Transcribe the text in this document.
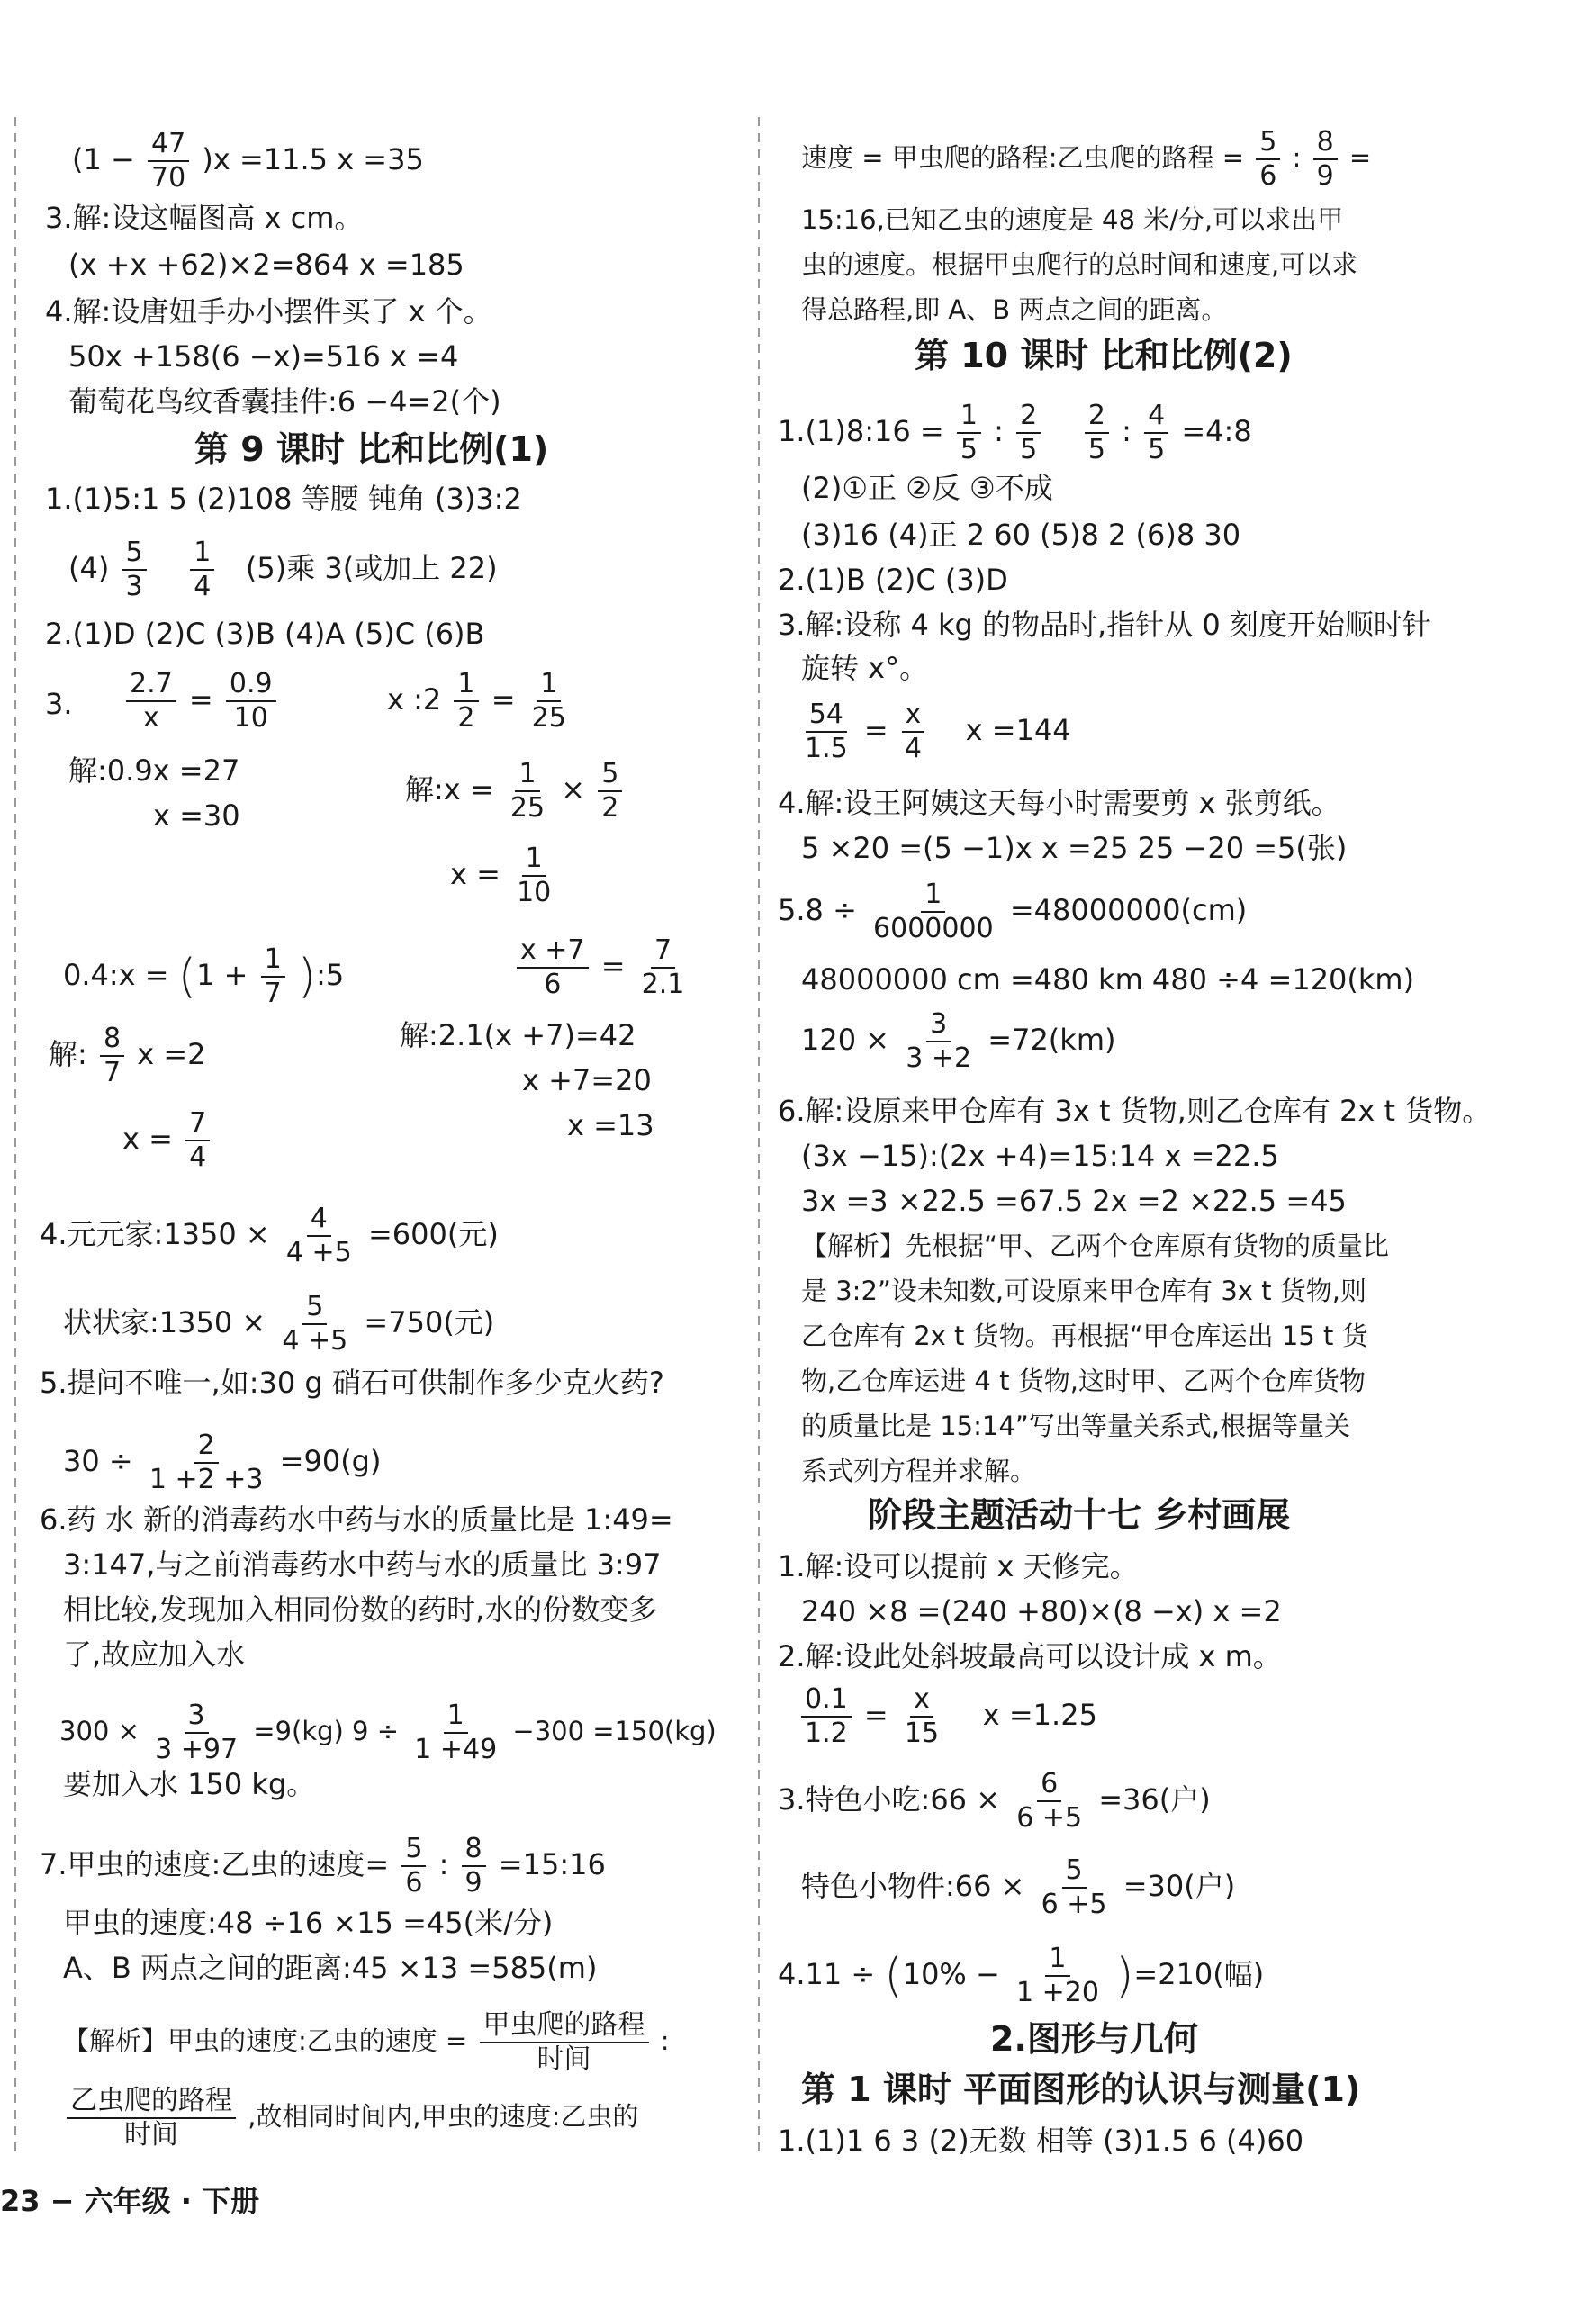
$(1 - \frac{47}{70} )x =11.5$ x =35
3.解:设这幅图高 x cm。
(x +x +62)×2=864 x =185
4.解:设唐妞手办小摆件买了 x 个。
50x +158(6 −x)=516 x =4
葡萄花鸟纹香囊挂件:6 −4=2(个)
第 9 课时 比和比例(1)
1.(1)5:1 5 (2)108 等腰 钝角 (3)3:2
$(4) \frac{5}{3}$
$\frac{1}{4} (5)$乘 3(或加上 22)
2.(1)D (2)C (3)B (4)A (5)C (6)B
3. $\frac{2.7}{x} = \frac{0.9}{10}$
解:0.9x =27
x =30
x :2 $\frac{1}{2} = \frac{1}{25}$
解:x = $\frac{1}{25} \times \frac{5}{2}$
$x = \frac{1}{10}$
0.4:x = ($1 + \frac{1}{7}$ ):5
解: $\frac{8}{7}$ x =2
$x = \frac{7}{4}$
$\frac{x +7}{6} = \frac{7}{2.1}$
解:2.1(x +7)=42
x +7=20
x =13
4.元元家:1350 × $\frac{4}{4 +5} =600$(元)
状状家:1350 × $\frac{5}{4 +5} =750$(元)
5.提问不唯一,如:30 g 硝石可供制作多少克火药?
$30 \div \frac{2}{1 +2 +3} =90(g)$
6.药 水 新的消毒药水中药与水的质量比是 1:49=
3:147,与之前消毒药水中药与水的质量比 3:97
相比较,发现加入相同份数的药时,水的份数变多
了,故应加入水
$300 \times \frac{3}{3 +97} =9(kg) 9 \div \frac{1}{1 +49} -300 =150(kg)$
要加入水 150 kg。
7.甲虫的速度:乙虫的速度= $\frac{5}{6}$ : $\frac{8}{9}$ =15:16
甲虫的速度:48 ÷16 ×15 =45(米/分)
A、B 两点之间的距离:45 ×13 =585(m)
【解析】甲虫的速度:乙虫的速度 = $\frac{\text{甲虫爬的路程}}{\text{时间}}$ :
$\frac{\text{乙虫爬的路程}}{\text{时间}}$ ,故相同时间内,甲虫的速度:乙虫的
速度 = 甲虫爬的路程:乙虫爬的路程 = $\frac{5}{6}$ : $\frac{8}{9}$ =
15:16,已知乙虫的速度是 48 米/分,可以求出甲
虫的速度。根据甲虫爬行的总时间和速度,可以求
得总路程,即 A、B 两点之间的距离。
第 10 课时 比和比例(2)
1.(1)8:16 = $\frac{1}{5}$ : $\frac{2}{5}$
$\frac{2}{5}$ : $\frac{4}{5}$ =4:8
(2)①正 ②反 ③不成
(3)16 (4)正 2 60 (5)8 2 (6)8 30
2.(1)B (2)C (3)D
3.解:设称 4 kg 的物品时,指针从 0 刻度开始顺时针
旋转 x°。
$\frac{54}{1.5} = \frac{x}{4}$ x =144
4.解:设王阿姨这天每小时需要剪 x 张剪纸。
5 ×20 =(5 −1)x x =25 25 −20 =5(张)
$5.8 \div \frac{1}{6000000} =48000000(cm)$
48000000 cm =480 km 480 ÷4 =120(km)
$120 \times \frac{3}{3 +2} =72(km)$
6.解:设原来甲仓库有 3x t 货物,则乙仓库有 2x t 货物。
(3x −15):(2x +4)=15:14 x =22.5
3x =3 ×22.5 =67.5 2x =2 ×22.5 =45
【解析】先根据“甲、乙两个仓库原有货物的质量比
是 3:2”设未知数,可设原来甲仓库有 3x t 货物,则
乙仓库有 2x t 货物。再根据“甲仓库运出 15 t 货
物,乙仓库运进 4 t 货物,这时甲、乙两个仓库货物
的质量比是 15:14”写出等量关系式,根据等量关
系式列方程并求解。
阶段主题活动十七 乡村画展
1.解:设可以提前 x 天修完。
240 ×8 =(240 +80)×(8 −x) x =2
2.解:设此处斜坡最高可以设计成 x m。
$\frac{0.1}{1.2} = \frac{x}{15}$ x =1.25
3.特色小吃:66 × $\frac{6}{6 +5} =36$(户)
特色小物件:66 × $\frac{5}{6 +5} =30$(户)
$4.11 \div (10\% - \frac{1}{1 +20} )=210$(幅)
2.图形与几何
第 1 课时 平面图形的认识与测量(1)
1.(1)1 6 3 (2)无数 相等 (3)1.5 6 (4)60
23 − 六年级 · 下册
